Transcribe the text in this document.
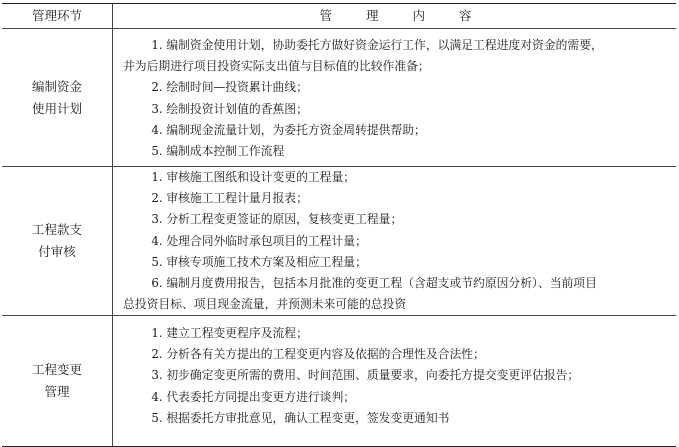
管理环节	管	理	内	容
编制资金
使用计划
1. 编制资金使用计划，协助委托方做好资金运行工作，以满足工程进度对资金的需要，
并为后期进行项目投资实际支出值与目标值的比较作准备；
2. 绘制时间—投资累计曲线；
3. 绘制投资计划值的香蕉图；
4. 编制现金流量计划，为委托方资金周转提供帮助；
5. 编制成本控制工作流程
工程款支
付审核
1. 审核施工图纸和设计变更的工程量；
2. 审核施工工程计量月报表；
3. 分析工程变更签证的原因，复核变更工程量；
4. 处理合同外临时承包项目的工程计量；
5. 审核专项施工技术方案及相应工程量；
6. 编制月度费用报告，包括本月批准的变更工程（含超支或节约原因分析）、当前项目
总投资目标、项目现金流量，并预测未来可能的总投资
工程变更
管理
1. 建立工程变更程序及流程；
2. 分析各有关方提出的工程变更内容及依据的合理性及合法性；
3. 初步确定变更所需的费用、时间范围、质量要求，向委托方提交变更评估报告；
4. 代表委托方同提出变更方进行谈判；
5. 根据委托方审批意见，确认工程变更，签发变更通知书
